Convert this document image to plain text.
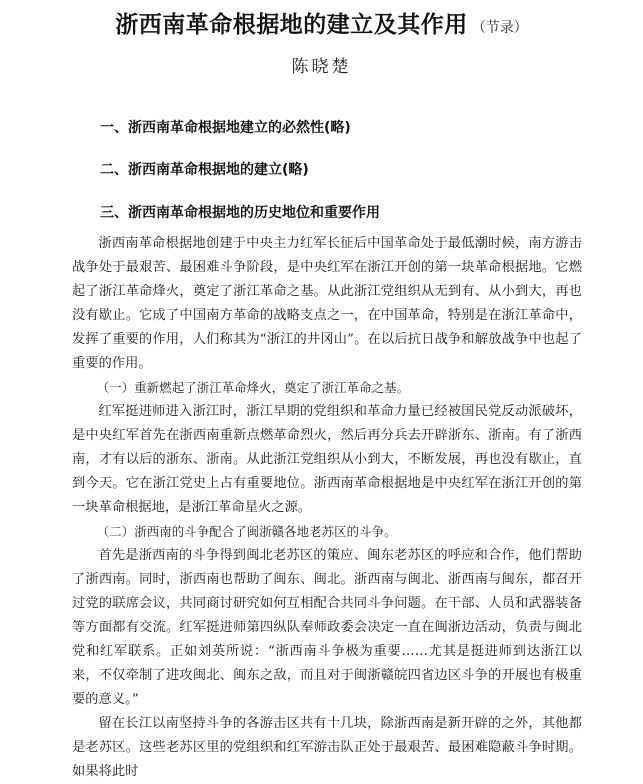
浙西南革命根据地的建立及其作用 （节录）
陈晓楚
一、浙西南革命根据地建立的必然性(略)
二、浙西南革命根据地的建立(略)
三、浙西南革命根据地的历史地位和重要作用

浙西南革命根据地创建于中央主力红军长征后中国革命处于最低潮时候，南方游击战争处于最艰苦、最困难斗争阶段，是中央红军在浙江开创的第一块革命根据地。它燃起了浙江革命烽火，奠定了浙江革命之基。从此浙江党组织从无到有、从小到大，再也没有歇止。它成了中国南方革命的战略支点之一，在中国革命，特别是在浙江革命中，发挥了重要的作用，人们称其为“浙江的井冈山”。在以后抗日战争和解放战争中也起了重要的作用。

（一）重新燃起了浙江革命烽火，奠定了浙江革命之基。

红军挺进师进入浙江时，浙江早期的党组织和革命力量已经被国民党反动派破坏，是中央红军首先在浙西南重新点燃革命烈火，然后再分兵去开辟浙东、浙南。有了浙西南，才有以后的浙东、浙南。从此浙江党组织从小到大，不断发展，再也没有歇止，直到今天。它在浙江党史上占有重要地位。浙西南革命根据地是中央红军在浙江开创的第一块革命根据地，是浙江革命星火之源。

（二）浙西南的斗争配合了闽浙赣各地老苏区的斗争。

首先是浙西南的斗争得到闽北老苏区的策应、闽东老苏区的呼应和合作，他们帮助了浙西南。同时，浙西南也帮助了闽东、闽北。浙西南与闽北、浙西南与闽东，都召开过党的联席会议，共同商讨研究如何互相配合共同斗争问题。在干部、人员和武器装备等方面都有交流。红军挺进师第四纵队奉师政委会决定一直在闽浙边活动，负责与闽北党和红军联系。正如刘英所说：“浙西南斗争极为重要……尤其是挺进师到达浙江以来，不仅牵制了进攻闽北、闽东之敌，而且对于闽浙赣皖四省边区斗争的开展也有极重要的意义。”

留在长江以南坚持斗争的各游击区共有十几块，除浙西南是新开辟的之外，其他都是老苏区。这些老苏区里的党组织和红军游击队正处于最艰苦、最困难隐蔽斗争时期。如果将此时
